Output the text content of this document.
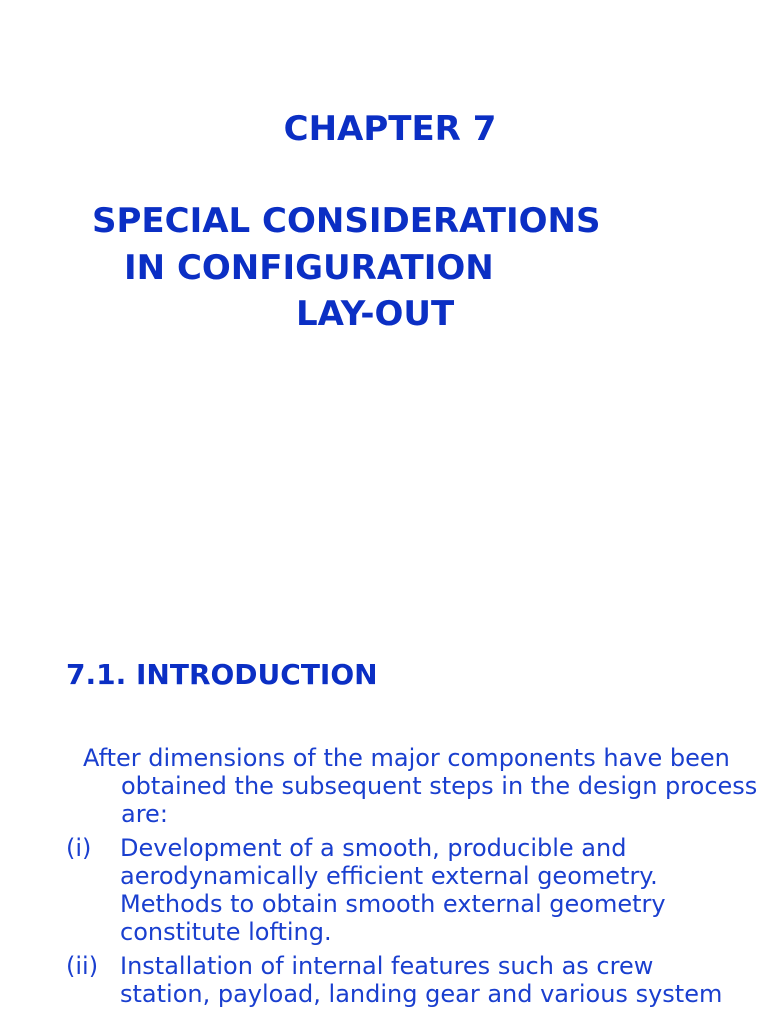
CHAPTER 7
SPECIAL CONSIDERATIONS
IN CONFIGURATION
LAY-OUT
7.1. INTRODUCTION

After dimensions of the major components have been obtained the subsequent steps in the design process are:

(i)	Development of a smooth, producible and aerodynamically efficient external geometry. Methods to obtain smooth external geometry constitute lofting.
(ii) Installation of internal features such as crew station, payload, landing gear and various system
